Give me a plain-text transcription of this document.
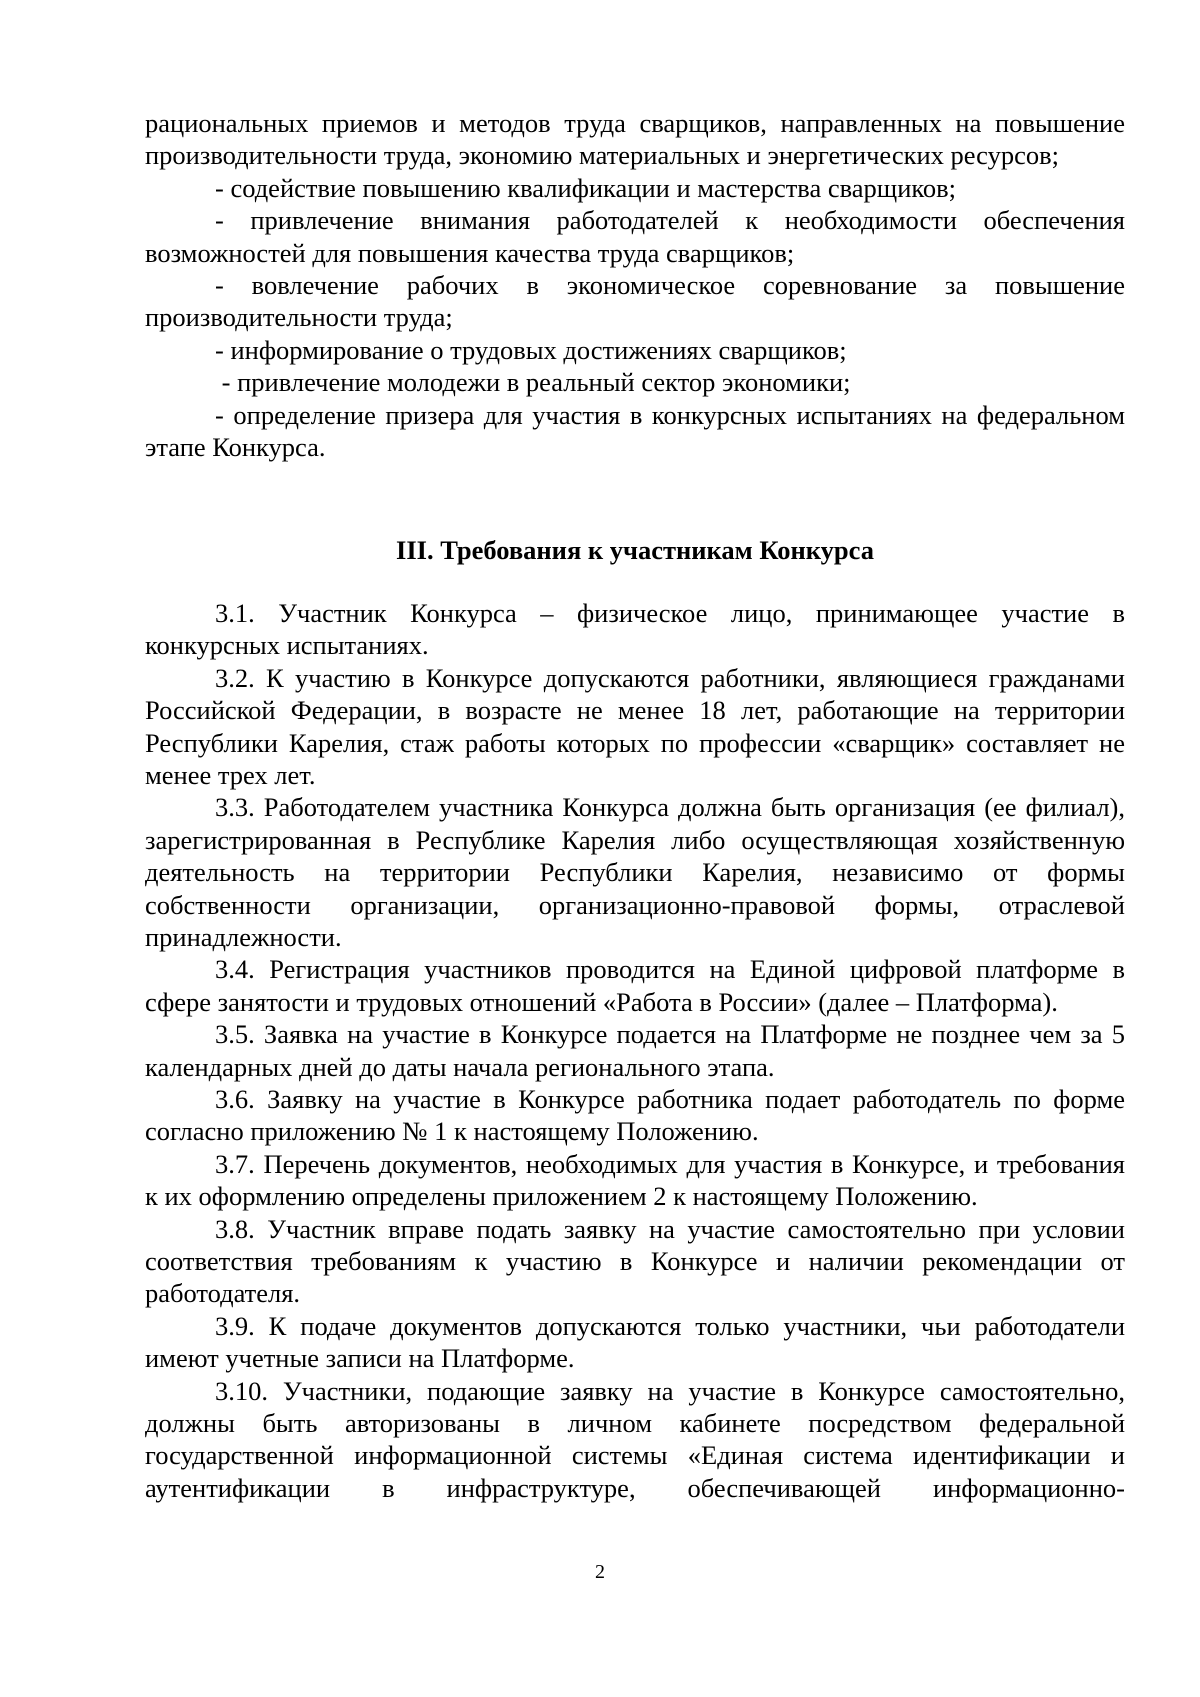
рациональных приемов и методов труда сварщиков, направленных на повышение производительности труда, экономию материальных и энергетических ресурсов;

- содействие повышению квалификации и мастерства сварщиков;

- привлечение внимания работодателей к необходимости обеспечения возможностей для повышения качества труда сварщиков;

- вовлечение рабочих в экономическое соревнование за повышение производительности труда;

- информирование о трудовых достижениях сварщиков;

- привлечение молодежи в реальный сектор экономики;

- определение призера для участия в конкурсных испытаниях на федеральном этапе Конкурса.

III. Требования к участникам Конкурса

3.1. Участник Конкурса – физическое лицо, принимающее участие в конкурсных испытаниях.

3.2. К участию в Конкурсе допускаются работники, являющиеся гражданами Российской Федерации, в возрасте не менее 18 лет, работающие на территории Республики Карелия, стаж работы которых по профессии «сварщик» составляет не менее трех лет.

3.3. Работодателем участника Конкурса должна быть организация (ее филиал), зарегистрированная в Республике Карелия либо осуществляющая хозяйственную деятельность на территории Республики Карелия, независимо от формы собственности организации, организационно-правовой формы, отраслевой принадлежности.

3.4. Регистрация участников проводится на Единой цифровой платформе в сфере занятости и трудовых отношений «Работа в России» (далее – Платформа).

3.5. Заявка на участие в Конкурсе подается на Платформе не позднее чем за 5 календарных дней до даты начала регионального этапа.

3.6. Заявку на участие в Конкурсе работника подает работодатель по форме согласно приложению № 1 к настоящему Положению.

3.7. Перечень документов, необходимых для участия в Конкурсе, и требования к их оформлению определены приложением 2 к настоящему Положению.

3.8. Участник вправе подать заявку на участие самостоятельно при условии соответствия требованиям к участию в Конкурсе и наличии рекомендации от работодателя.

3.9. К подаче документов допускаются только участники, чьи работодатели имеют учетные записи на Платформе.

3.10. Участники, подающие заявку на участие в Конкурсе самостоятельно, должны быть авторизованы в личном кабинете посредством федеральной государственной информационной системы «Единая система идентификации и аутентификации в инфраструктуре, обеспечивающей информационно-

2
